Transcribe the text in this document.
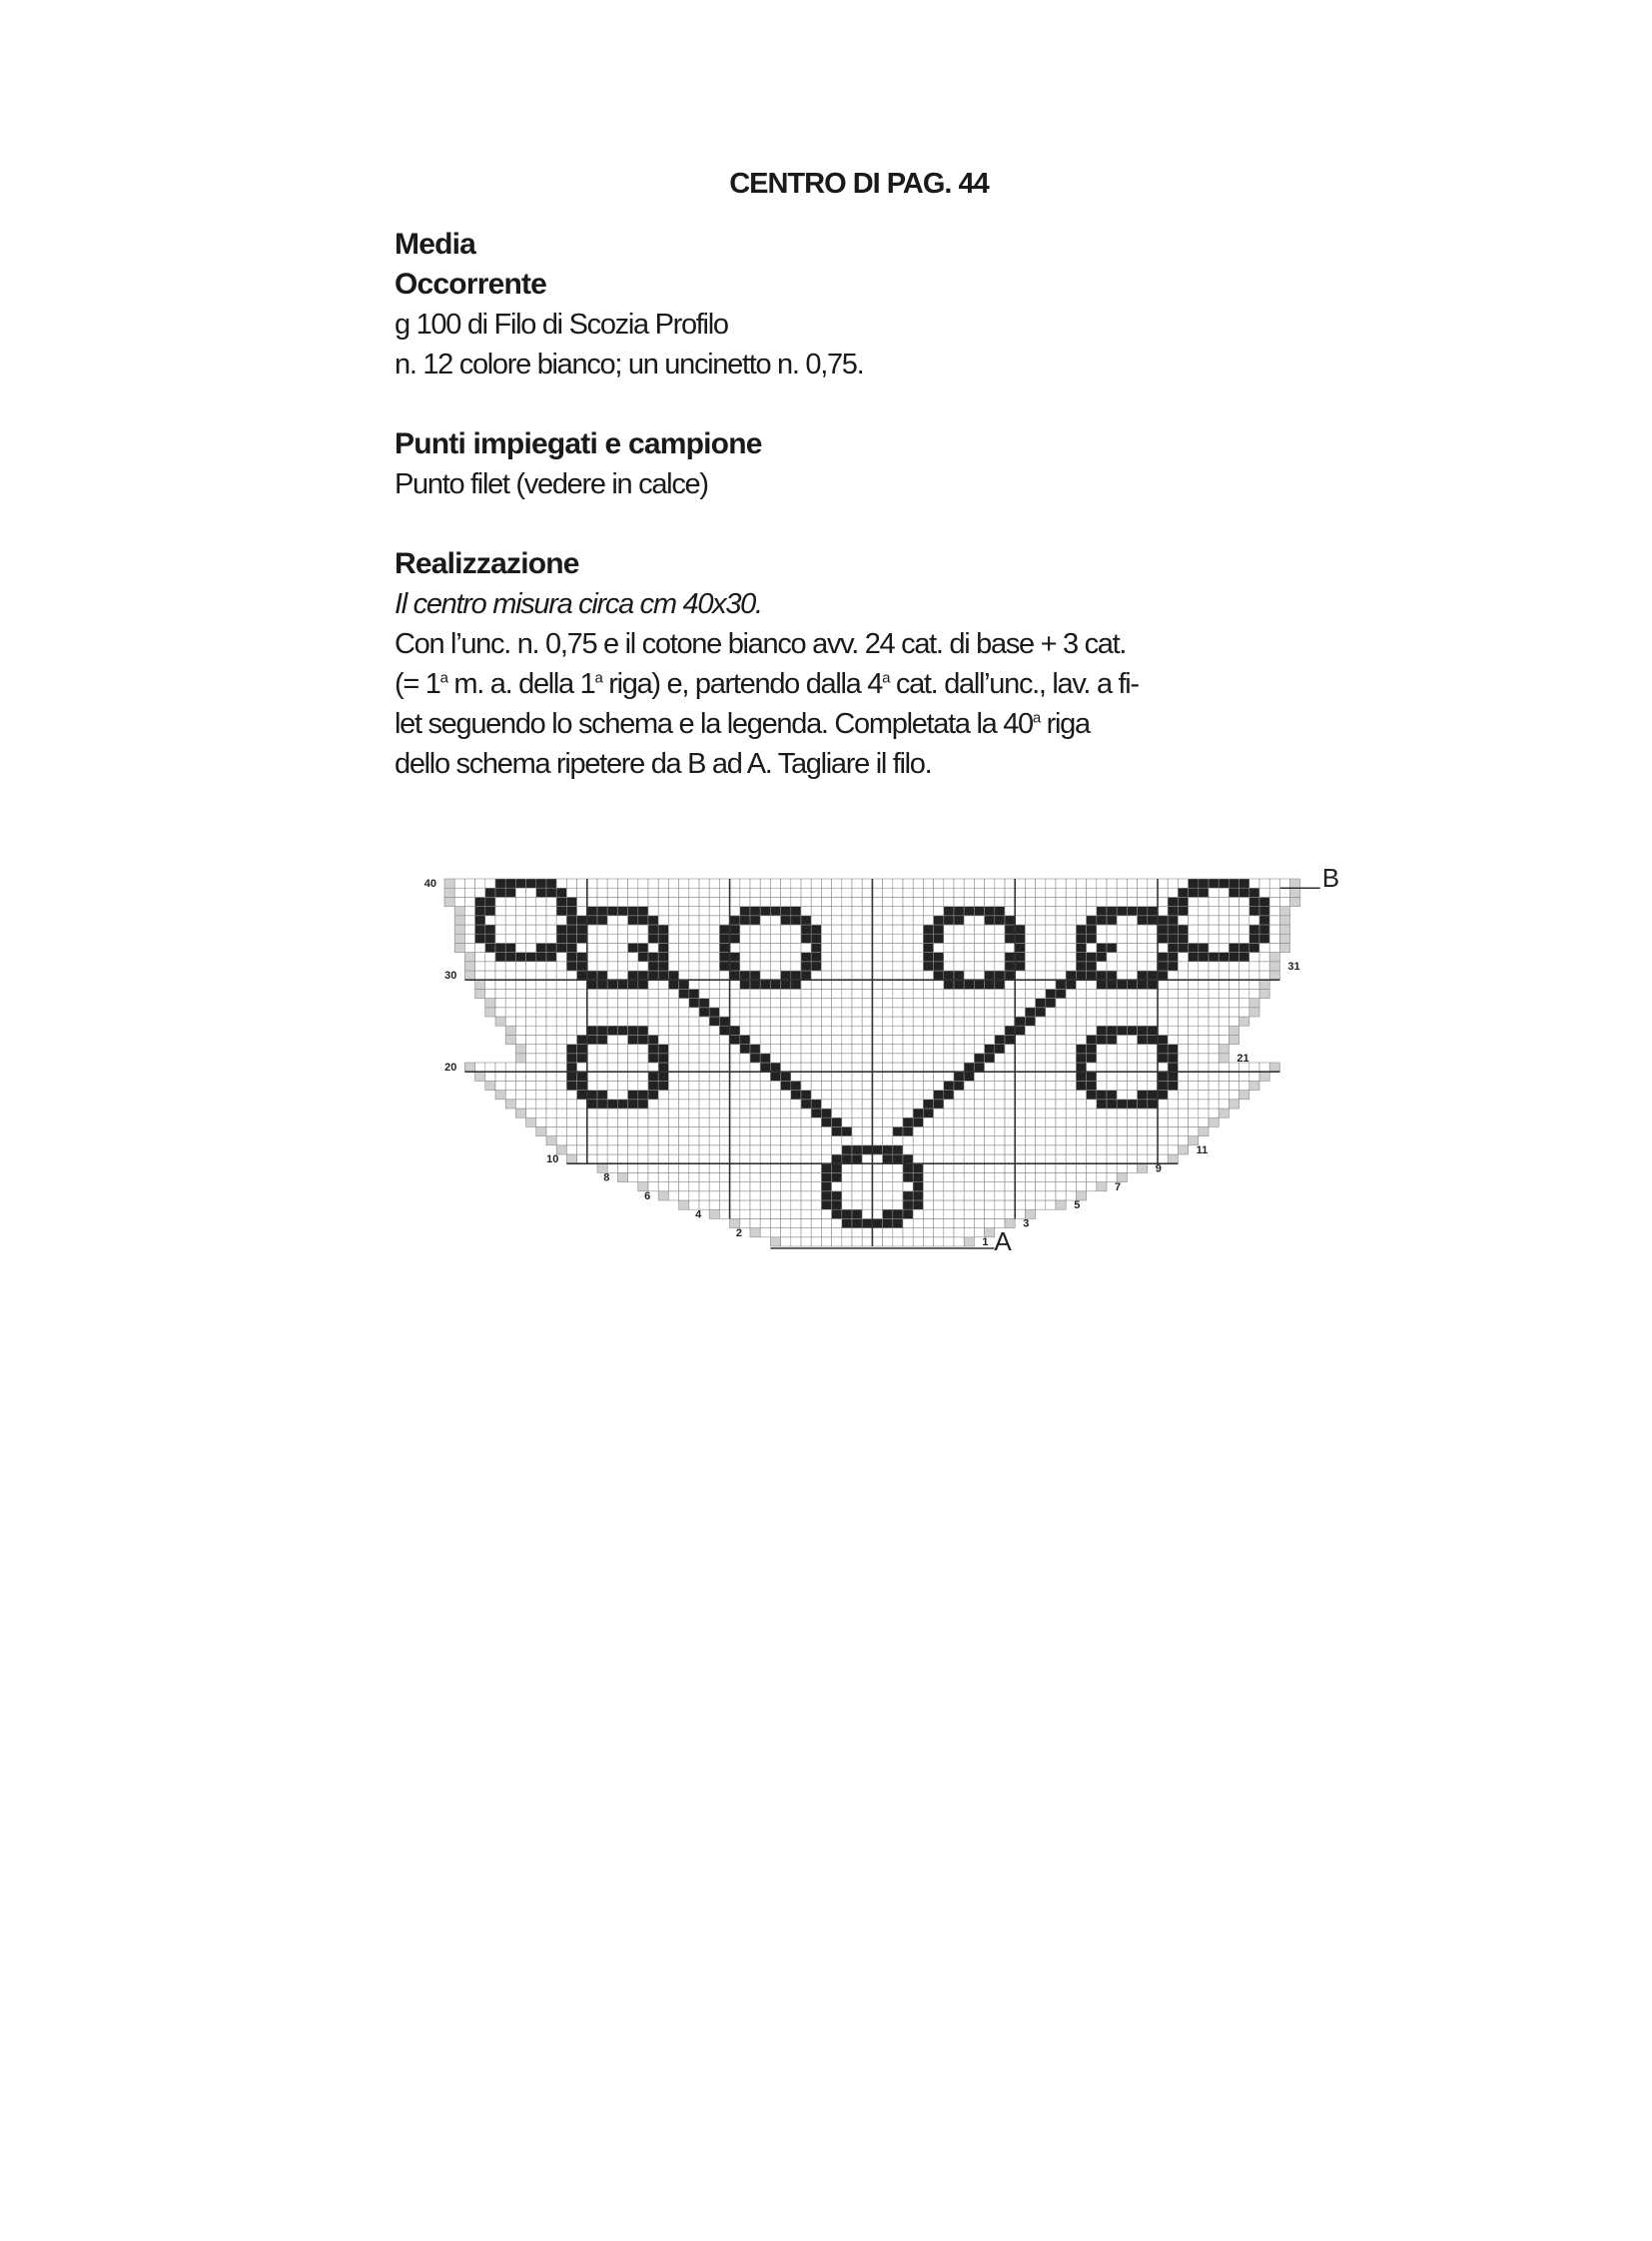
CENTRO DI PAG. 44

Media

Occorrente

g 100 di Filo di Scozia Profilo

n. 12 colore bianco; un uncinetto n. 0,75.

Punti impiegati e campione

Punto filet (vedere in calce)

Realizzazione

Il centro misura circa cm 40x30.

Con l’unc. n. 0,75 e il cotone bianco avv. 24 cat. di base + 3 cat.

(= $1^a$ m. a. della 1$^a$ riga) e, partendo dalla 4$^a$ cat. dall’unc., lav. a fi-

let seguendo lo schema e la legenda. Completata la 40$^a$ riga

dello schema ripetere da B ad A. Tagliare il filo.

40
30
20
10
8
6
4
2
31
21
11
9
7
5
3
1
B
A
